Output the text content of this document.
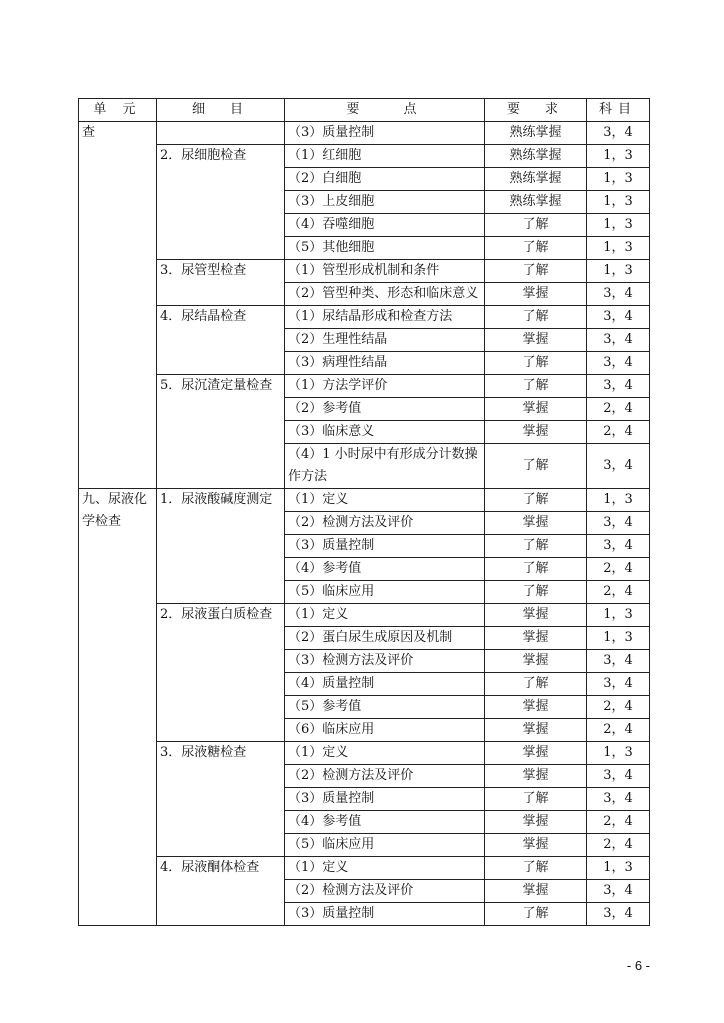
单 元	细　目	要　　点	要　求	科目
查		（3）质量控制	熟练掌握	3，4
	2．尿细胞检查	（1）红细胞	熟练掌握	1，3
		（2）白细胞	熟练掌握	1，3
		（3）上皮细胞	熟练掌握	1，3
		（4）吞噬细胞	了解	1，3
		（5）其他细胞	了解	1，3
	3．尿管型检查	（1）管型形成机制和条件	了解	1，3
		（2）管型种类、形态和临床意义	掌握	3，4
	4．尿结晶检查	（1）尿结晶形成和检查方法	了解	3，4
		（2）生理性结晶	掌握	3，4
		（3）病理性结晶	了解	3，4
	5．尿沉渣定量检查	（1）方法学评价	了解	3，4
		（2）参考值	掌握	2，4
		（3）临床意义	掌握	2，4
		（4）1 小时尿中有形成分计数操作方法	了解	3，4
九、尿液化学检查	1．尿液酸碱度测定	（1）定义	了解	1，3
		（2）检测方法及评价	掌握	3，4
		（3）质量控制	了解	3，4
		（4）参考值	了解	2，4
		（5）临床应用	了解	2，4
	2．尿液蛋白质检查	（1）定义	掌握	1，3
		（2）蛋白尿生成原因及机制	掌握	1，3
		（3）检测方法及评价	掌握	3，4
		（4）质量控制	了解	3，4
		（5）参考值	掌握	2，4
		（6）临床应用	掌握	2，4
	3．尿液糖检查	（1）定义	掌握	1，3
		（2）检测方法及评价	掌握	3，4
		（3）质量控制	了解	3，4
		（4）参考值	掌握	2，4
		（5）临床应用	掌握	2，4
	4．尿液酮体检查	（1）定义	了解	1，3
		（2）检测方法及评价	掌握	3，4
		（3）质量控制	了解	3，4
- 6 -
